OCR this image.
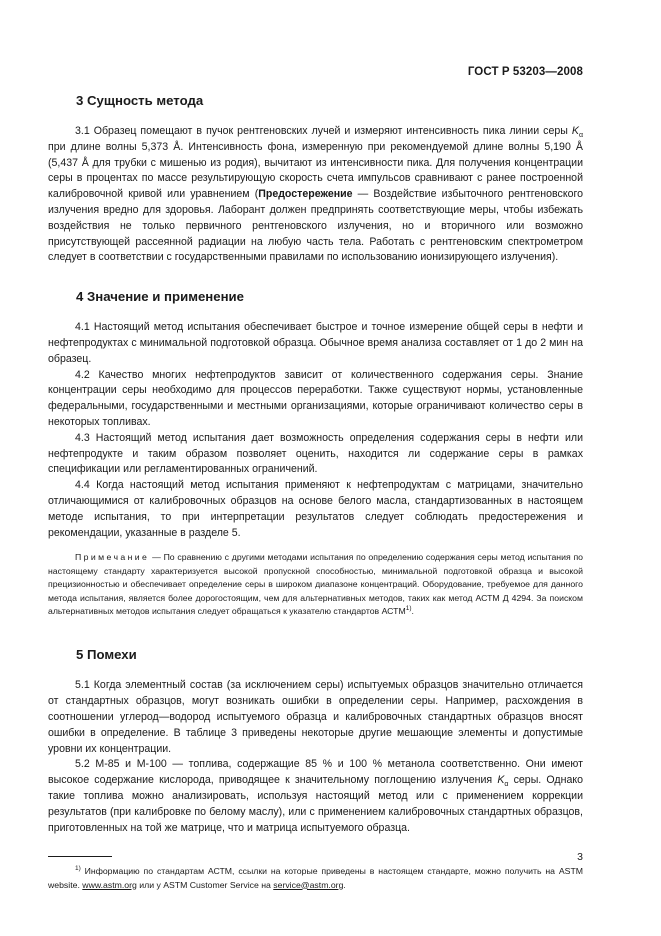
ГОСТ Р 53203—2008
3 Сущность метода

3.1 Образец помещают в пучок рентгеновских лучей и измеряют интенсивность пика линии серы $K_\alpha$ при длине волны 5,373 Å. Интенсивность фона, измеренную при рекомендуемой длине волны 5,190 Å (5,437 Å для трубки с мишенью из родия), вычитают из интенсивности пика. Для получения концентрации серы в процентах по массе результирующую скорость счета импульсов сравнивают с ранее построенной калибровочной кривой или уравнением (Предостережение — Воздействие избыточного рентгеновского излучения вредно для здоровья. Лаборант должен предпринять соответствующие меры, чтобы избежать воздействия не только первичного рентгеновского излучения, но и вторичного или возможно присутствующей рассеянной радиации на любую часть тела. Работать с рентгеновским спектрометром следует в соответствии с государственными правилами по использованию ионизирующего излучения).

4 Значение и применение

4.1 Настоящий метод испытания обеспечивает быстрое и точное измерение общей серы в нефти и нефтепродуктах с минимальной подготовкой образца. Обычное время анализа составляет от 1 до 2 мин на образец.

4.2 Качество многих нефтепродуктов зависит от количественного содержания серы. Знание концентрации серы необходимо для процессов переработки. Также существуют нормы, установленные федеральными, государственными и местными организациями, которые ограничивают количество серы в некоторых топливах.

4.3 Настоящий метод испытания дает возможность определения содержания серы в нефти или нефтепродукте и таким образом позволяет оценить, находится ли содержание серы в рамках спецификации или регламентированных ограничений.

4.4 Когда настоящий метод испытания применяют к нефтепродуктам с матрицами, значительно отличающимися от калибровочных образцов на основе белого масла, стандартизованных в настоящем методе испытания, то при интерпретации результатов следует соблюдать предостережения и рекомендации, указанные в разделе 5.

Примечание — По сравнению с другими методами испытания по определению содержания серы метод испытания по настоящему стандарту характеризуется высокой пропускной способностью, минимальной подготовкой образца и высокой прецизионностью и обеспечивает определение серы в широком диапазоне концентраций. Оборудование, требуемое для данного метода испытания, является более дорогостоящим, чем для альтернативных методов, таких как метод АСТМ Д 4294. За поиском альтернативных методов испытания следует обращаться к указателю стандартов АСТМ$^{1)}$.

5 Помехи

5.1 Когда элементный состав (за исключением серы) испытуемых образцов значительно отличается от стандартных образцов, могут возникать ошибки в определении серы. Например, расхождения в соотношении углерод—водород испытуемого образца и калибровочных стандартных образцов вносят ошибки в определение. В таблице 3 приведены некоторые другие мешающие элементы и допустимые уровни их концентрации.

5.2 М-85 и М-100 — топлива, содержащие 85 % и 100 % метанола соответственно. Они имеют высокое содержание кислорода, приводящее к значительному поглощению излучения $K_\alpha$ серы. Однако такие топлива можно анализировать, используя настоящий метод или с применением коррекции результатов (при калибровке по белому маслу), или с применением калибровочных стандартных образцов, приготовленных на той же матрице, что и матрица испытуемого образца.

$^{1)}$ Информацию по стандартам АСТМ, ссылки на которые приведены в настоящем стандарте, можно получить на ASTM website. www.astm.org или у ASTM Customer Service на service@astm.org.

3
